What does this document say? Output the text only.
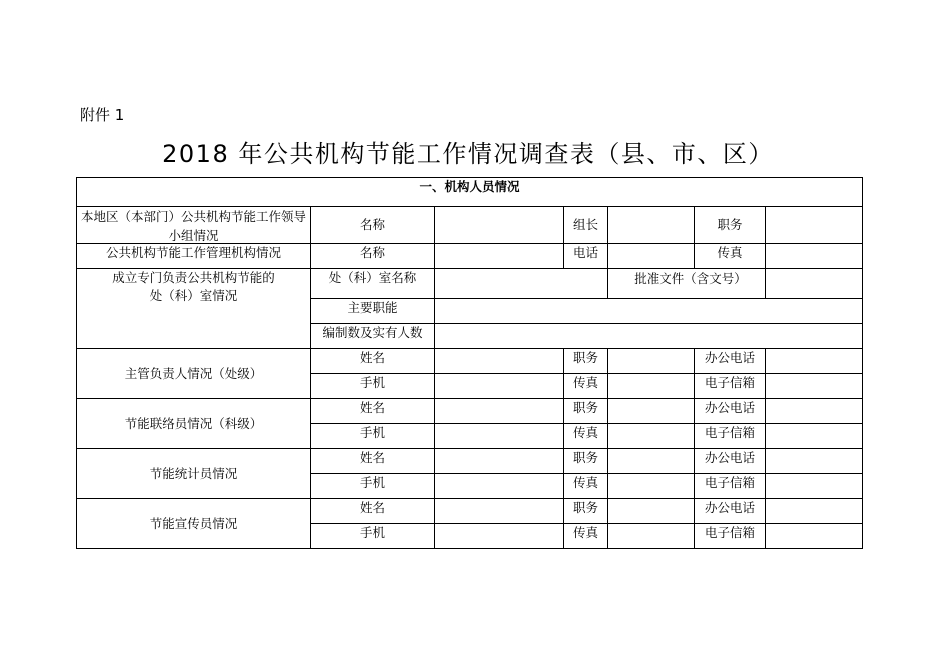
附件 1
2018 年公共机构节能工作情况调查表（县、市、区）
一、机构人员情况						

本地区（本部门）公共机构节能工作领导小组情况	名称		组长		职务	
公共机构节能工作管理机构情况	名称		电话		传真	

成立专门负责公共机构节能的
处（科）室情况	处（科）室名称			批准文件（含文号）		

	主要职能					
	编制数及实有人数					
主管负责人情况（处级）	姓名		职务		办公电话	
	手机		传真		电子信箱	
节能联络员情况（科级）	姓名		职务		办公电话	
	手机		传真		电子信箱	
节能统计员情况	姓名		职务		办公电话	
	手机		传真		电子信箱	
节能宣传员情况	姓名		职务		办公电话	
	手机		传真		电子信箱	
